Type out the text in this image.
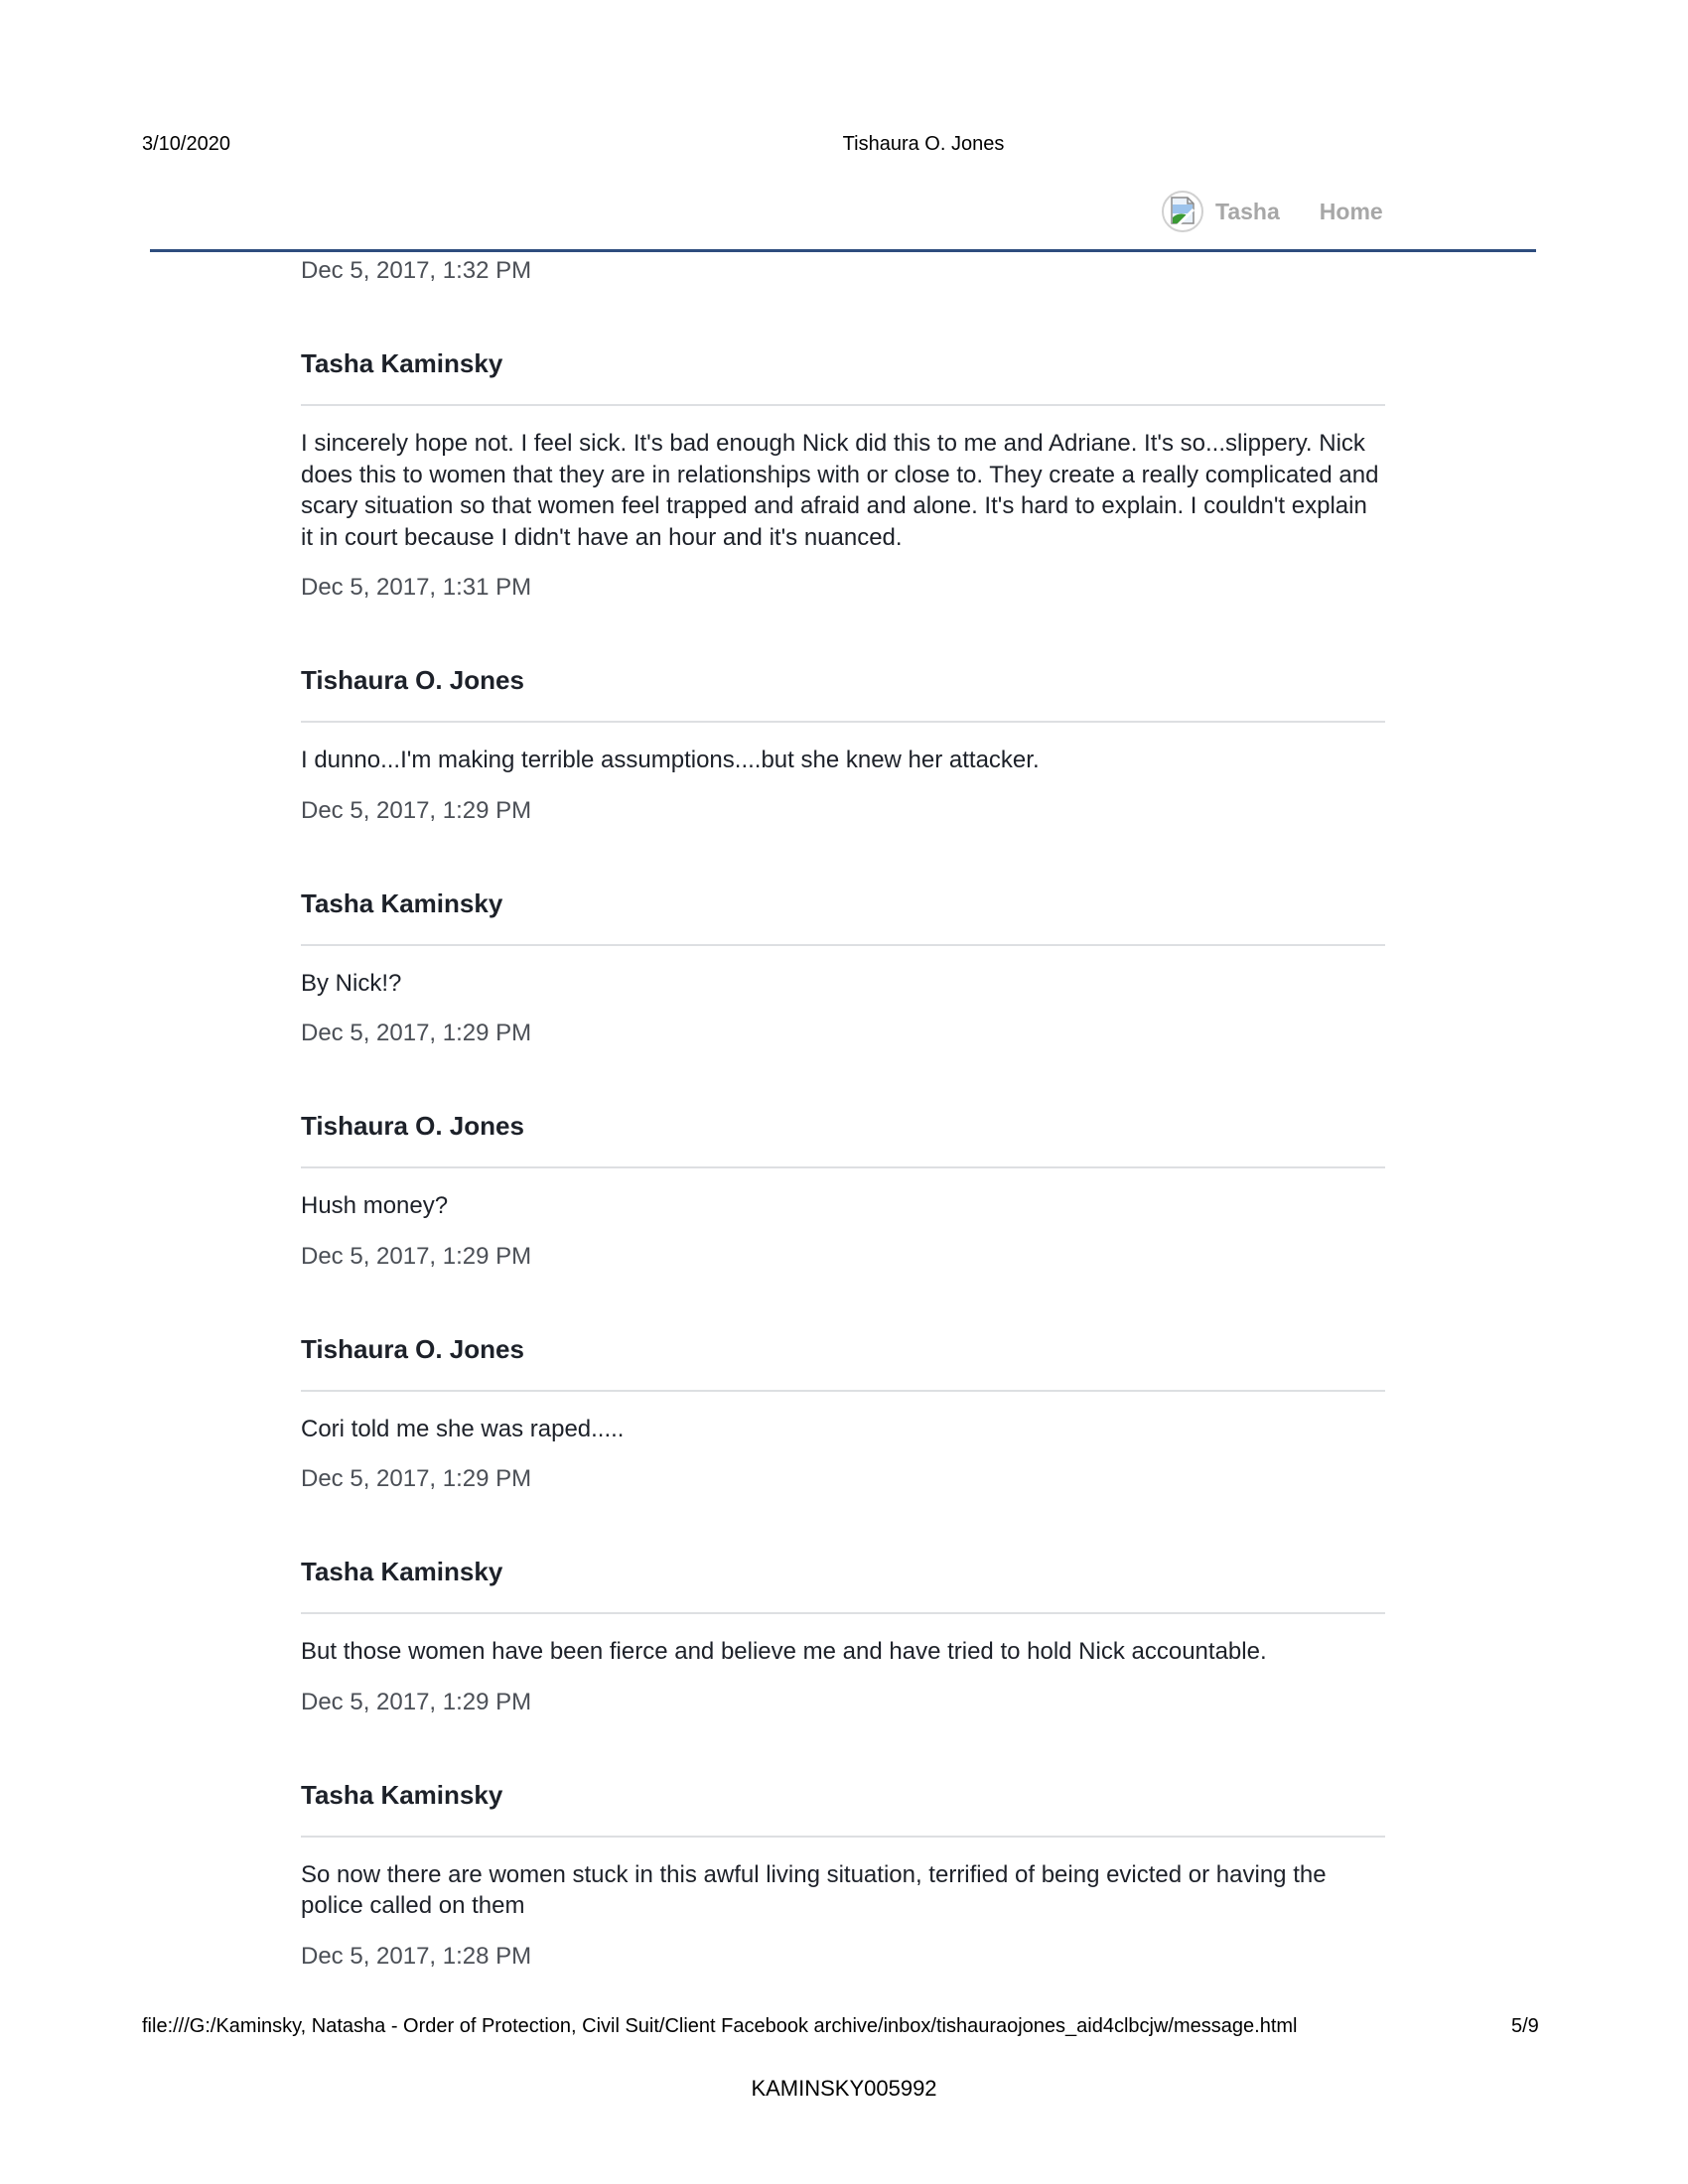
3/10/2020	Tishaura O. Jones
Tasha Home
Dec 5, 2017, 1:32 PM
Tasha Kaminsky
I sincerely hope not. I feel sick. It's bad enough Nick did this to me and Adriane. It's so...slippery. Nick does this to women that they are in relationships with or close to. They create a really complicated and scary situation so that women feel trapped and afraid and alone. It's hard to explain. I couldn't explain it in court because I didn't have an hour and it's nuanced.
Dec 5, 2017, 1:31 PM
Tishaura O. Jones
I dunno...I'm making terrible assumptions....but she knew her attacker.
Dec 5, 2017, 1:29 PM
Tasha Kaminsky
By Nick!?
Dec 5, 2017, 1:29 PM
Tishaura O. Jones
Hush money?
Dec 5, 2017, 1:29 PM
Tishaura O. Jones
Cori told me she was raped.....
Dec 5, 2017, 1:29 PM
Tasha Kaminsky
But those women have been fierce and believe me and have tried to hold Nick accountable.
Dec 5, 2017, 1:29 PM
Tasha Kaminsky
So now there are women stuck in this awful living situation, terrified of being evicted or having the police called on them
Dec 5, 2017, 1:28 PM
file:///G:/Kaminsky, Natasha - Order of Protection, Civil Suit/Client Facebook archive/inbox/tishauraojones_aid4clbcjw/message.html	5/9
KAMINSKY005992
